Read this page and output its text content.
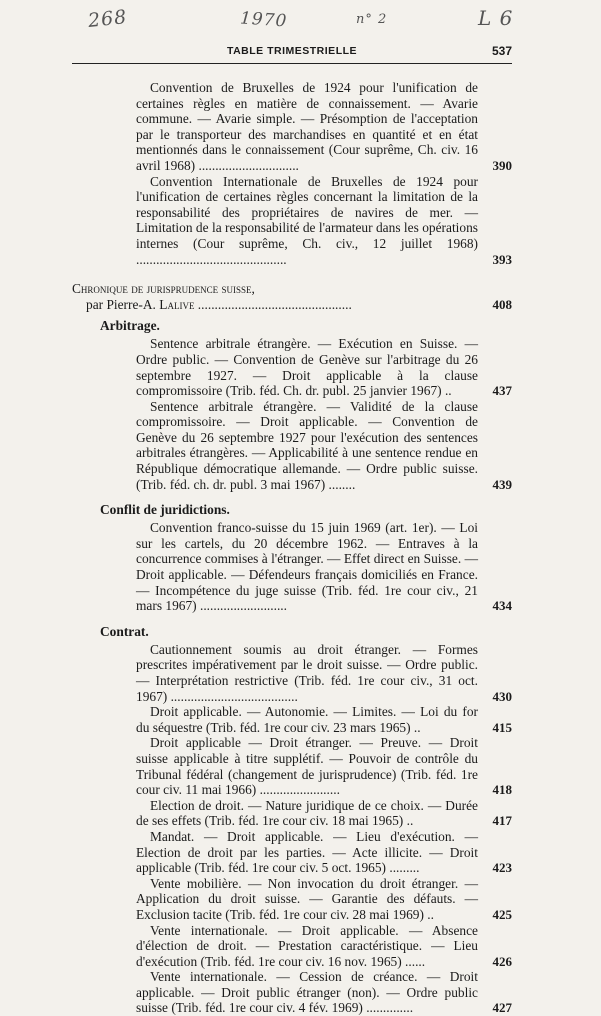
268	1970	n° 2	L 6
TABLE TRIMESTRIELLE	537
Convention de Bruxelles de 1924 pour l'unification de certaines règles en matière de connaissement. — Avarie commune. — Avarie simple. — Présomption de l'acceptation par le transporteur des marchandises en quantité et en état mentionnés dans le connaissement (Cour suprême, Ch. civ. 16 avril 1968) ..............................	390
Convention Internationale de Bruxelles de 1924 pour l'unification de certaines règles concernant la limitation de la responsabilité des propriétaires de navires de mer. — Limitation de la responsabilité de l'armateur dans les opérations internes (Cour suprême, Ch. civ., 12 juillet 1968) .............................................	393
Chronique de jurisprudence suisse,
par Pierre-A. Lalive ..............................................	408
Arbitrage.
Sentence arbitrale étrangère. — Exécution en Suisse. — Ordre public. — Convention de Genève sur l'arbitrage du 26 septembre 1927. — Droit applicable à la clause compromissoire (Trib. féd. Ch. dr. publ. 25 janvier 1967) ..	437
Sentence arbitrale étrangère. — Validité de la clause compromissoire. — Droit applicable. — Convention de Genève du 26 septembre 1927 pour l'exécution des sentences arbitrales étrangères. — Applicabilité à une sentence rendue en République démocratique allemande. — Ordre public suisse. (Trib. féd. ch. dr. publ. 3 mai 1967) ........	439
Conflit de juridictions.
Convention franco-suisse du 15 juin 1969 (art. 1er). — Loi sur les cartels, du 20 décembre 1962. — Entraves à la concurrence commises à l'étranger. — Effet direct en Suisse. — Droit applicable. — Défendeurs français domiciliés en France. — Incompétence du juge suisse (Trib. féd. 1re cour civ., 21 mars 1967) ..........................	434
Contrat.
Cautionnement soumis au droit étranger. — Formes prescrites impérativement par le droit suisse. — Ordre public. — Interprétation restrictive (Trib. féd. 1re cour civ., 31 oct. 1967) ......................................	430
Droit applicable. — Autonomie. — Limites. — Loi du for du séquestre (Trib. féd. 1re cour civ. 23 mars 1965) ..	415
Droit applicable — Droit étranger. — Preuve. — Droit suisse applicable à titre supplétif. — Pouvoir de contrôle du Tribunal fédéral (changement de jurisprudence) (Trib. féd. 1re cour civ. 11 mai 1966) ........................	418
Election de droit. — Nature juridique de ce choix. — Durée de ses effets (Trib. féd. 1re cour civ. 18 mai 1965) ..	417
Mandat. — Droit applicable. — Lieu d'exécution. — Election de droit par les parties. — Acte illicite. — Droit applicable (Trib. féd. 1re cour civ. 5 oct. 1965) .........	423
Vente mobilière. — Non invocation du droit étranger. — Application du droit suisse. — Garantie des défauts. — Exclusion tacite (Trib. féd. 1re cour civ. 28 mai 1969) ..	425
Vente internationale. — Droit applicable. — Absence d'élection de droit. — Prestation caractéristique. — Lieu d'exécution (Trib. féd. 1re cour civ. 16 nov. 1965) ......	426
Vente internationale. — Cession de créance. — Droit applicable. — Droit public étranger (non). — Ordre public suisse (Trib. féd. 1re cour civ. 4 fév. 1969) ..............	427
